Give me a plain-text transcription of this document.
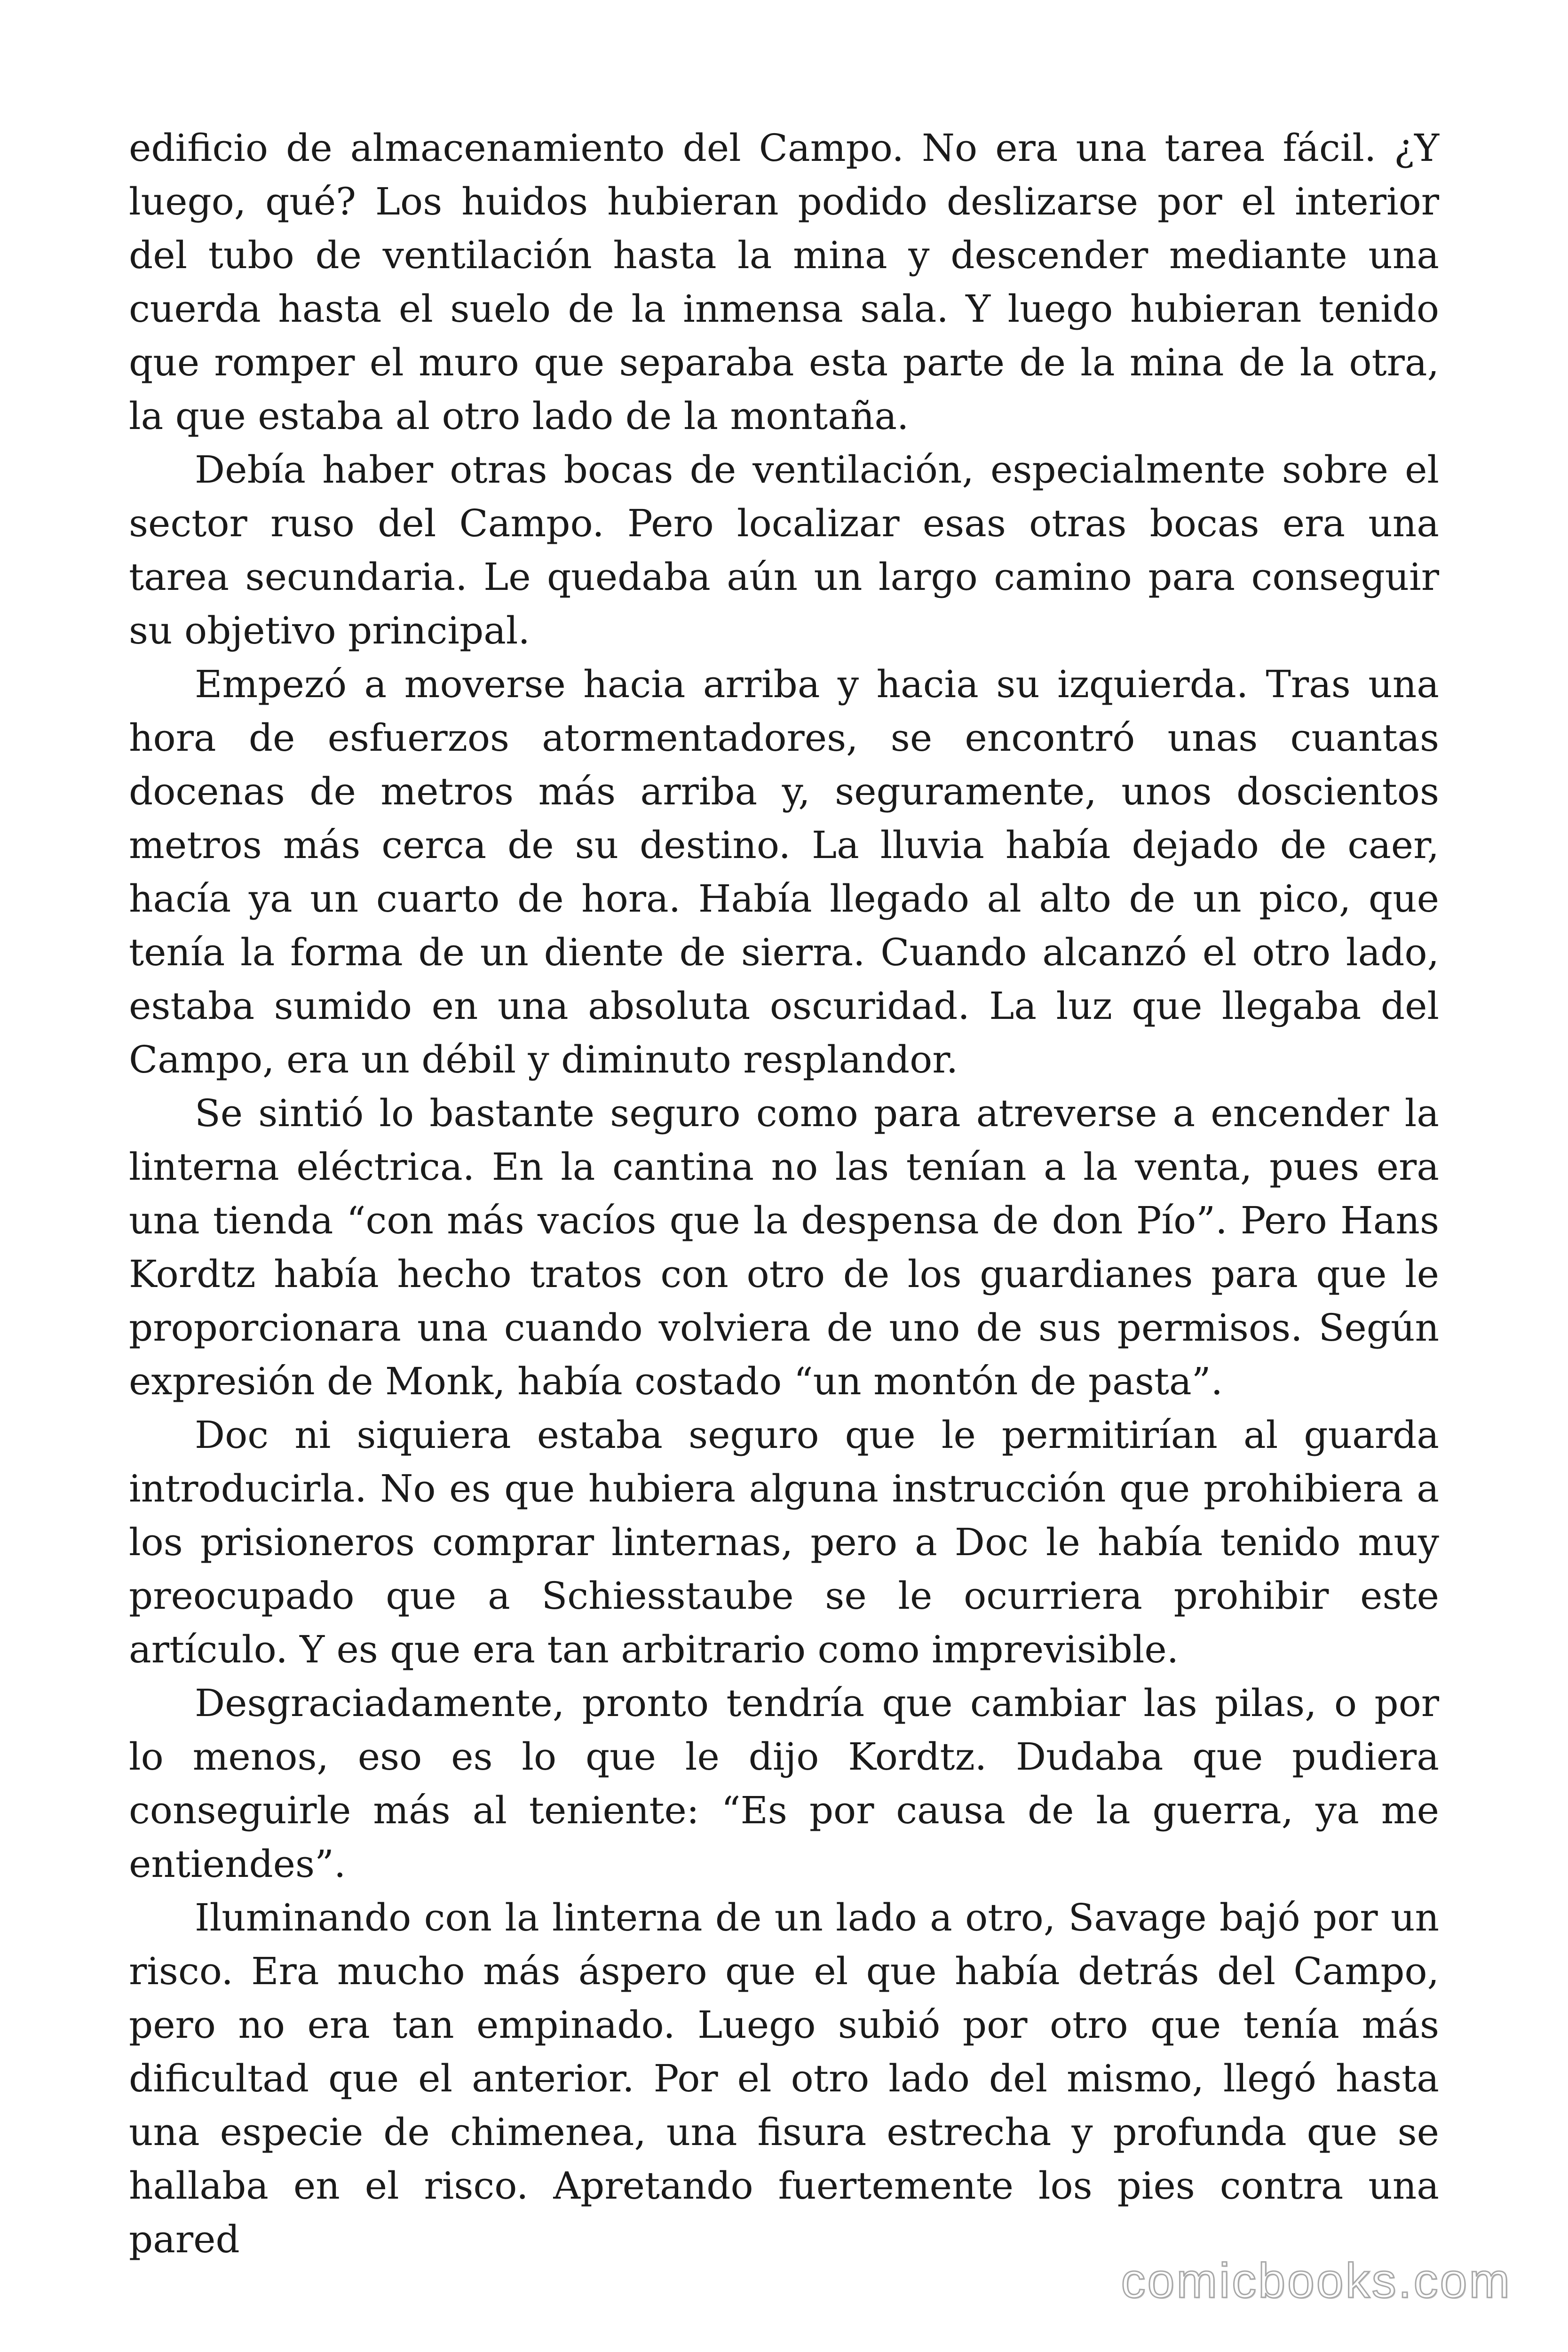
edificio de almacenamiento del Campo. No era una tarea fácil. ¿Y luego, qué? Los huidos hubieran podido deslizarse por el interior del tubo de ventilación hasta la mina y descender mediante una cuerda hasta el suelo de la inmensa sala. Y luego hubieran tenido que romper el muro que separaba esta parte de la mina de la otra, la que estaba al otro lado de la montaña.

Debía haber otras bocas de ventilación, especialmente sobre el sector ruso del Campo. Pero localizar esas otras bocas era una tarea secundaria. Le quedaba aún un largo camino para conseguir su objetivo principal.

Empezó a moverse hacia arriba y hacia su izquierda. Tras una hora de esfuerzos atormentadores, se encontró unas cuantas docenas de metros más arriba y, seguramente, unos doscientos metros más cerca de su destino. La lluvia había dejado de caer, hacía ya un cuarto de hora. Había llegado al alto de un pico, que tenía la forma de un diente de sierra. Cuando alcanzó el otro lado, estaba sumido en una absoluta oscuridad. La luz que llegaba del Campo, era un débil y diminuto resplandor.

Se sintió lo bastante seguro como para atreverse a encender la linterna eléctrica. En la cantina no las tenían a la venta, pues era una tienda “con más vacíos que la despensa de don Pío”. Pero Hans Kordtz había hecho tratos con otro de los guardianes para que le proporcionara una cuando volviera de uno de sus permisos. Según expresión de Monk, había costado “un montón de pasta”.

Doc ni siquiera estaba seguro que le permitirían al guarda introducirla. No es que hubiera alguna instrucción que prohibiera a los prisioneros comprar linternas, pero a Doc le había tenido muy preocupado que a Schiesstaube se le ocurriera prohibir este artículo. Y es que era tan arbitrario como imprevisible.

Desgraciadamente, pronto tendría que cambiar las pilas, o por lo menos, eso es lo que le dijo Kordtz. Dudaba que pudiera conseguirle más al teniente: “Es por causa de la guerra, ya me entiendes”.

Iluminando con la linterna de un lado a otro, Savage bajó por un risco. Era mucho más áspero que el que había detrás del Campo, pero no era tan empinado. Luego subió por otro que tenía más dificultad que el anterior. Por el otro lado del mismo, llegó hasta una especie de chimenea, una fisura estrecha y profunda que se hallaba en el risco. Apretando fuertemente los pies contra una pared

comicbooks.com
